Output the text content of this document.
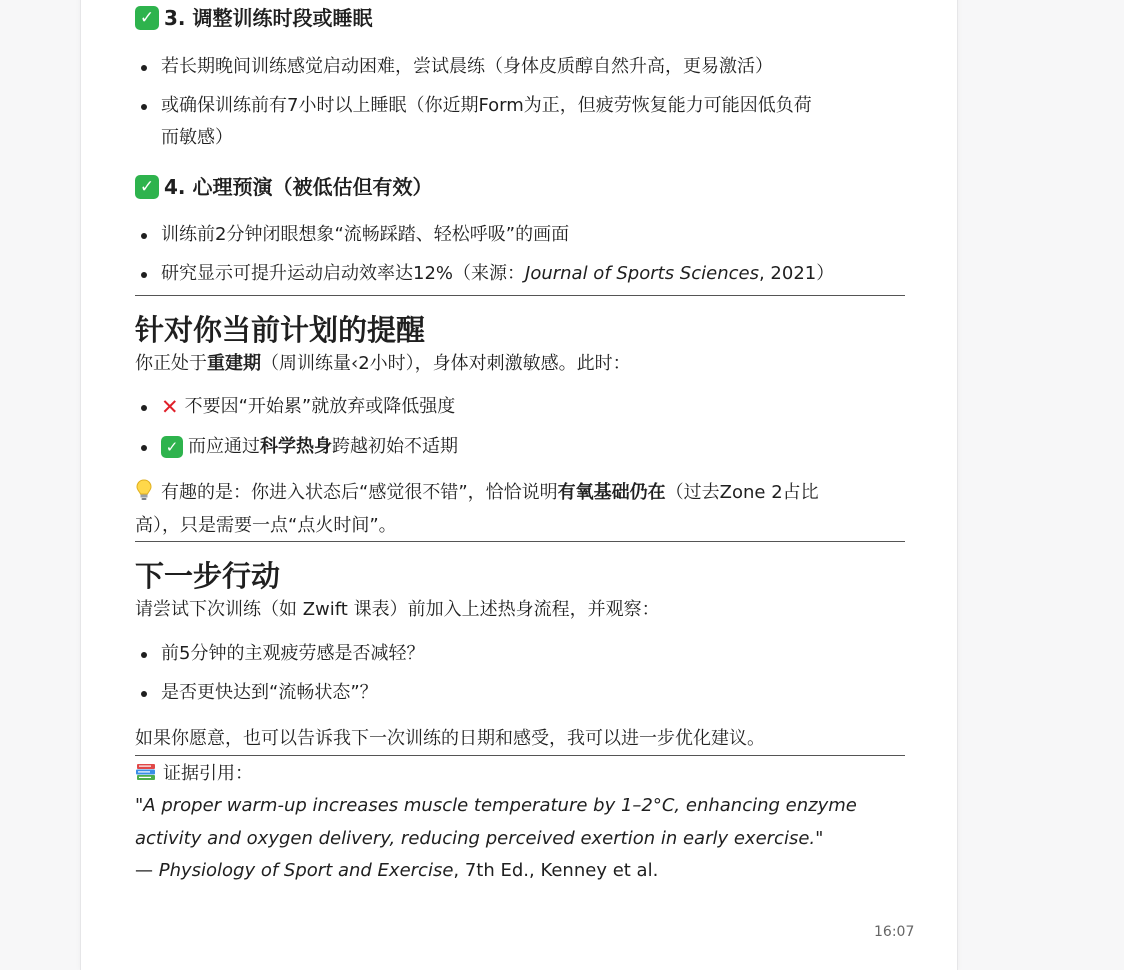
✓ 3. 调整训练时段或睡眠
若长期晚间训练感觉启动困难，尝试晨练（身体皮质醇自然升高，更易激活）
或确保训练前有7小时以上睡眠（你近期Form为正，但疲劳恢复能力可能因低负荷
而敏感）
✓ 4. 心理预演（被低估但有效）
训练前2分钟闭眼想象“流畅踩踏、轻松呼吸”的画面
研究显示可提升运动启动效率达12%（来源：Journal of Sports Sciences, 2021）
针对你当前计划的提醒
你正处于重建期（周训练量‹2小时），身体对刺激敏感。此时：
✕ 不要因“开始累”就放弃或降低强度
✓ 而应通过 科学热身 跨越初始不适期
有趣的是：你进入状态后“感觉很不错”，恰恰说明有氧基础仍在（过去Zone 2占比
高），只是需要一点“点火时间”。
下一步行动
请尝试下次训练（如 Zwift 课表）前加入上述热身流程，并观察：
前5分钟的主观疲劳感是否减轻？
是否更快达到“流畅状态”？
如果你愿意，也可以告诉我下一次训练的日期和感受，我可以进一步优化建议。
证据引用：
"A proper warm-up increases muscle temperature by 1–2°C, enhancing enzyme
activity and oxygen delivery, reducing perceived exertion in early exercise."
— Physiology of Sport and Exercise, 7th Ed., Kenney et al.
16:07
